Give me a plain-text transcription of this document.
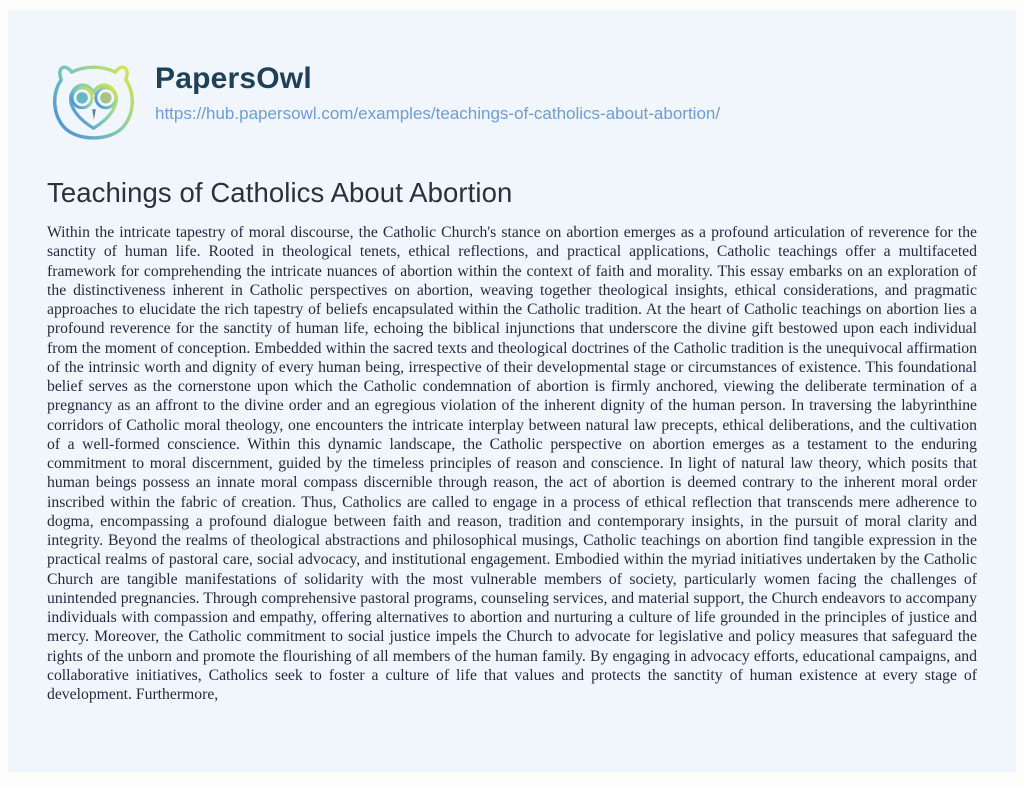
PapersOwl
https://hub.papersowl.com/examples/teachings-of-catholics-about-abortion/
Teachings of Catholics About Abortion

Within the intricate tapestry of moral discourse, the Catholic Church's stance on abortion emerges as a profound articulation of reverence for the sanctity of human life. Rooted in theological tenets, ethical reflections, and practical applications, Catholic teachings offer a multifaceted framework for comprehending the intricate nuances of abortion within the context of faith and morality. This essay embarks on an exploration of the distinctiveness inherent in Catholic perspectives on abortion, weaving together theological insights, ethical considerations, and pragmatic approaches to elucidate the rich tapestry of beliefs encapsulated within the Catholic tradition. At the heart of Catholic teachings on abortion lies a profound reverence for the sanctity of human life, echoing the biblical injunctions that underscore the divine gift bestowed upon each individual from the moment of conception. Embedded within the sacred texts and theological doctrines of the Catholic tradition is the unequivocal affirmation of the intrinsic worth and dignity of every human being, irrespective of their developmental stage or circumstances of existence. This foundational belief serves as the cornerstone upon which the Catholic condemnation of abortion is firmly anchored, viewing the deliberate termination of a pregnancy as an affront to the divine order and an egregious violation of the inherent dignity of the human person. In traversing the labyrinthine corridors of Catholic moral theology, one encounters the intricate interplay between natural law precepts, ethical deliberations, and the cultivation of a well-formed conscience. Within this dynamic landscape, the Catholic perspective on abortion emerges as a testament to the enduring commitment to moral discernment, guided by the timeless principles of reason and conscience. In light of natural law theory, which posits that human beings possess an innate moral compass discernible through reason, the act of abortion is deemed contrary to the inherent moral order inscribed within the fabric of creation. Thus, Catholics are called to engage in a process of ethical reflection that transcends mere adherence to dogma, encompassing a profound dialogue between faith and reason, tradition and contemporary insights, in the pursuit of moral clarity and integrity. Beyond the realms of theological abstractions and philosophical musings, Catholic teachings on abortion find tangible expression in the practical realms of pastoral care, social advocacy, and institutional engagement. Embodied within the myriad initiatives undertaken by the Catholic Church are tangible manifestations of solidarity with the most vulnerable members of society, particularly women facing the challenges of unintended pregnancies. Through comprehensive pastoral programs, counseling services, and material support, the Church endeavors to accompany individuals with compassion and empathy, offering alternatives to abortion and nurturing a culture of life grounded in the principles of justice and mercy. Moreover, the Catholic commitment to social justice impels the Church to advocate for legislative and policy measures that safeguard the rights of the unborn and promote the flourishing of all members of the human family. By engaging in advocacy efforts, educational campaigns, and collaborative initiatives, Catholics seek to foster a culture of life that values and protects the sanctity of human existence at every stage of development. Furthermore,
